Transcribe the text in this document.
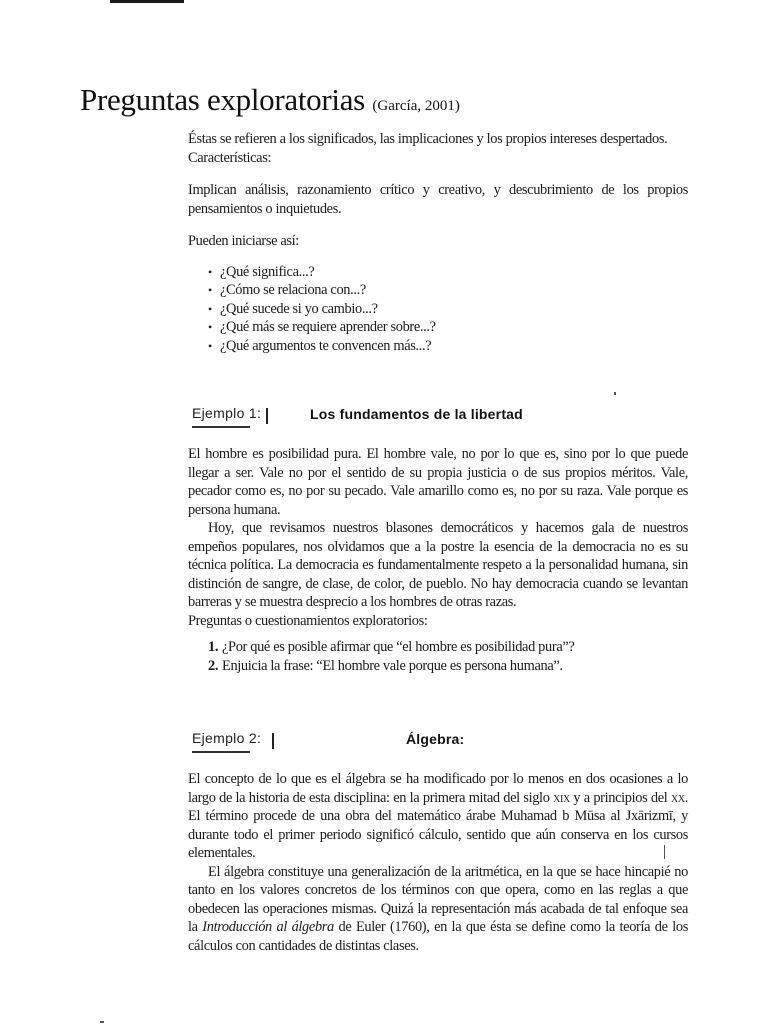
Preguntas exploratorias (García, 2001)

Éstas se refieren a los significados, las implicaciones y los propios intereses despertados.

Características:

Implican análisis, razonamiento crítico y creativo, y descubrimiento de los propios pensamientos o inquietudes.

Pueden iniciarse así:

• ¿Qué significa...?
• ¿Cómo se relaciona con...?
• ¿Qué sucede si yo cambio...?
• ¿Qué más se requiere aprender sobre...?
• ¿Qué argumentos te convencen más...?
Ejemplo 1:	Los fundamentos de la libertad

El hombre es posibilidad pura. El hombre vale, no por lo que es, sino por lo que puede llegar a ser. Vale no por el sentido de su propia justicia o de sus propios méritos. Vale, pecador como es, no por su pecado. Vale amarillo como es, no por su raza. Vale porque es persona humana.

Hoy, que revisamos nuestros blasones democráticos y hacemos gala de nuestros empeños populares, nos olvidamos que a la postre la esencia de la democracia no es su técnica política. La democracia es fundamentalmente respeto a la personalidad humana, sin distinción de sangre, de clase, de color, de pueblo. No hay democracia cuando se levantan barreras y se muestra desprecio a los hombres de otras razas.

Preguntas o cuestionamientos exploratorios:

1. ¿Por qué es posible afirmar que “el hombre es posibilidad pura”?
2. Enjuicia la frase: “El hombre vale porque es persona humana”.
Ejemplo 2:	Álgebra:

El concepto de lo que es el álgebra se ha modificado por lo menos en dos ocasiones a lo largo de la historia de esta disciplina: en la primera mitad del siglo xix y a principios del xx. El término procede de una obra del matemático árabe Muhamad b Mūsa al Jxārizmī, y durante todo el primer periodo significó cálculo, sentido que aún conserva en los cursos elementales.

El álgebra constituye una generalización de la aritmética, en la que se hace hincapié no tanto en los valores concretos de los términos con que opera, como en las reglas a que obedecen las operaciones mismas. Quizá la representación más acabada de tal enfoque sea la Introducción al álgebra de Euler (1760), en la que ésta se define como la teoría de los cálculos con cantidades de distintas clases.
